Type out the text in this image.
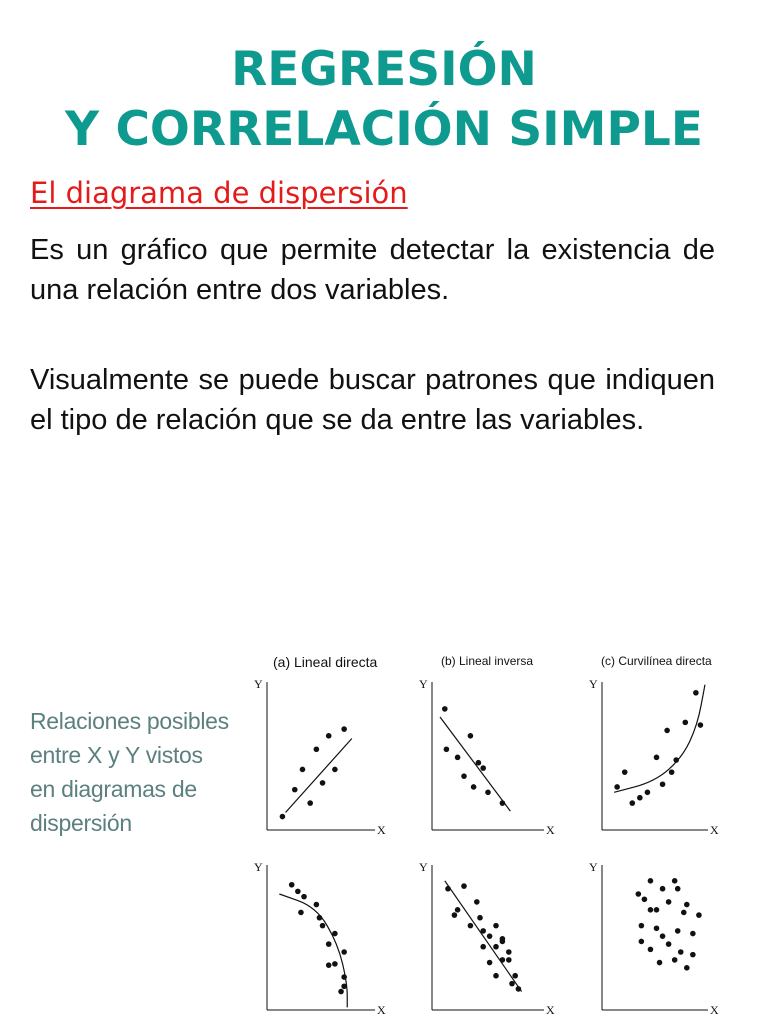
REGRESIÓN
Y CORRELACIÓN SIMPLE
El diagrama de dispersión
Es un gráfico que permite detectar la existencia de una relación entre dos variables.
Visualmente se puede buscar patrones que indiquen el tipo de relación que se da entre las variables.
Relaciones posibles
entre X y Y vistos
en diagramas de
dispersión
Y
X
(a) Lineal directa
Y
X
(b) Lineal inversa
Y
X
(c) Curvilínea directa
Y
X
Y
X
Y
X
